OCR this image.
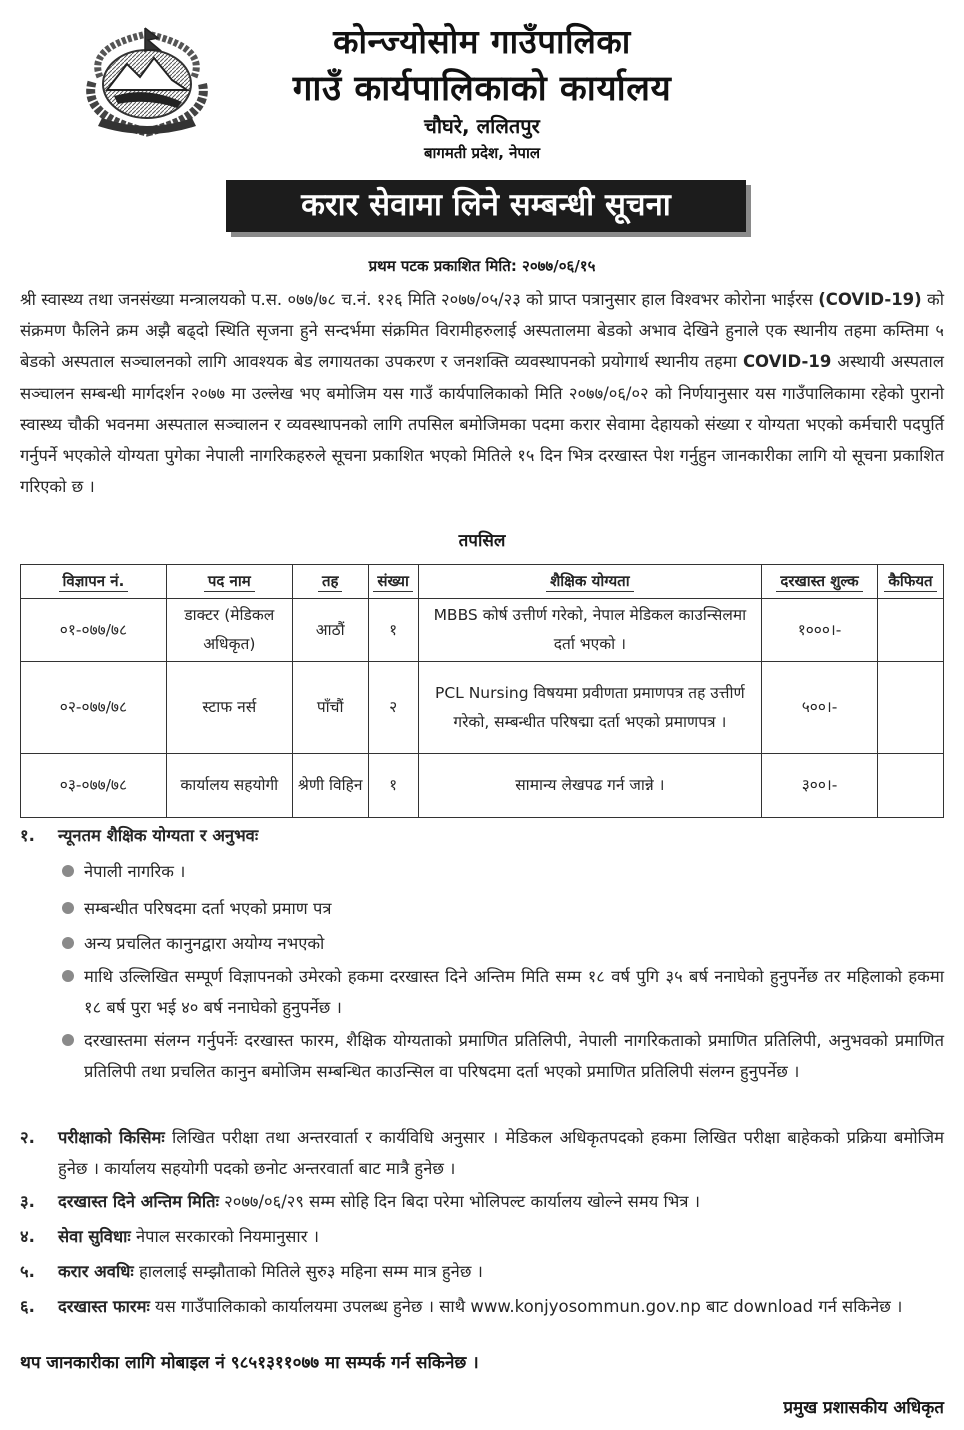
कोन्ज्योसोम गाउँपालिका
गाउँ कार्यपालिकाको कार्यालय
चौघरे, ललितपुर
बागमती प्रदेश, नेपाल
करार सेवामा लिने सम्बन्धी सूचना
प्रथम पटक प्रकाशित मिति: २०७७/०६/१५
श्री स्वास्थ्य तथा जनसंख्या मन्त्रालयको प.स. ०७७/७८ च.नं. १२६ मिति २०७७/०५/२३ को प्राप्त पत्रानुसार हाल विश्वभर कोरोना भाईरस (COVID-19) को संक्रमण फैलिने क्रम अझै बढ्दो स्थिति सृजना हुने सन्दर्भमा संक्रमित विरामीहरुलाई अस्पतालमा बेडको अभाव देखिने हुनाले एक स्थानीय तहमा कम्तिमा ५ बेडको अस्पताल सञ्चालनको लागि आवश्यक बेड लगायतका उपकरण र जनशक्ति व्यवस्थापनको प्रयोगार्थ स्थानीय तहमा COVID-19 अस्थायी अस्पताल सञ्चालन सम्बन्धी मार्गदर्शन २०७७ मा उल्लेख भए बमोजिम यस गाउँ कार्यपालिकाको मिति २०७७/०६/०२ को निर्णयानुसार यस गाउँपालिकामा रहेको पुरानो स्वास्थ्य चौकी भवनमा अस्पताल सञ्चालन र व्यवस्थापनको लागि तपसिल बमोजिमका पदमा करार सेवामा देहायको संख्या र योग्यता भएको कर्मचारी पदपुर्ति गर्नुपर्ने भएकोले योग्यता पुगेका नेपाली नागरिकहरुले सूचना प्रकाशित भएको मितिले १५ दिन भित्र दरखास्त पेश गर्नुहुन जानकारीका लागि यो सूचना प्रकाशित गरिएको छ ।
तपसिल
विज्ञापन नं.	पद नाम	तह	संख्या	शैक्षिक योग्यता	दरखास्त शुल्क	कैफियत
०१-०७७/७८	डाक्टर (मेडिकल अधिकृत)	आठौं	१	MBBS कोर्ष उत्तीर्ण गरेको, नेपाल मेडिकल काउन्सिलमा दर्ता भएको ।	१०००।-	
०२-०७७/७८	स्टाफ नर्स	पाँचौं	२	PCL Nursing विषयमा प्रवीणता प्रमाणपत्र तह उत्तीर्ण गरेको, सम्बन्धीत परिषद्मा दर्ता भएको प्रमाणपत्र ।	५००।-	
०३-०७७/७८	कार्यालय सहयोगी	श्रेणी विहिन	१	सामान्य लेखपढ गर्न जान्ने ।	३००।-	
१.	न्यूनतम शैक्षिक योग्यता र अनुभवः
नेपाली नागरिक ।
सम्बन्धीत परिषदमा दर्ता भएको प्रमाण पत्र
अन्य प्रचलित कानुनद्वारा अयोग्य नभएको
माथि उल्लिखित सम्पूर्ण विज्ञापनको उमेरको हकमा दरखास्त दिने अन्तिम मिति सम्म १८ वर्ष पुगि ३५ बर्ष ननाघेको हुनुपर्नेछ तर महिलाको हकमा १८ बर्ष पुरा भई ४० बर्ष ननाघेको हुनुपर्नेछ ।
दरखास्तमा संलग्न गर्नुपर्नेः दरखास्त फारम, शैक्षिक योग्यताको प्रमाणित प्रतिलिपी, नेपाली नागरिकताको प्रमाणित प्रतिलिपी, अनुभवको प्रमाणित प्रतिलिपी तथा प्रचलित कानुन बमोजिम सम्बन्धित काउन्सिल वा परिषदमा दर्ता भएको प्रमाणित प्रतिलिपी संलग्न हुनुपर्नेछ ।
२.	परीक्षाको किसिमः लिखित परीक्षा तथा अन्तरवार्ता र कार्यविधि अनुसार । मेडिकल अधिकृतपदको हकमा लिखित परीक्षा बाहेकको प्रक्रिया बमोजिम हुनेछ । कार्यालय सहयोगी पदको छनोट अन्तरवार्ता बाट मात्रै हुनेछ ।
३.	दरखास्त दिने अन्तिम मितिः २०७७/०६/२९ सम्म सोहि दिन बिदा परेमा भोलिपल्ट कार्यालय खोल्ने समय भित्र ।
४.	सेवा सुविधाः नेपाल सरकारको नियमानुसार ।
५.	करार अवधिः हाललाई सम्झौताको मितिले सुरु३ महिना सम्म मात्र हुनेछ ।
६.	दरखास्त फारमः यस गाउँपालिकाको कार्यालयमा उपलब्ध हुनेछ । साथै www.konjyosommun.gov.np बाट download गर्न सकिनेछ ।
थप जानकारीका लागि मोबाइल नं ९८५१३११०७७ मा सम्पर्क गर्न सकिनेछ ।
प्रमुख प्रशासकीय अधिकृत
